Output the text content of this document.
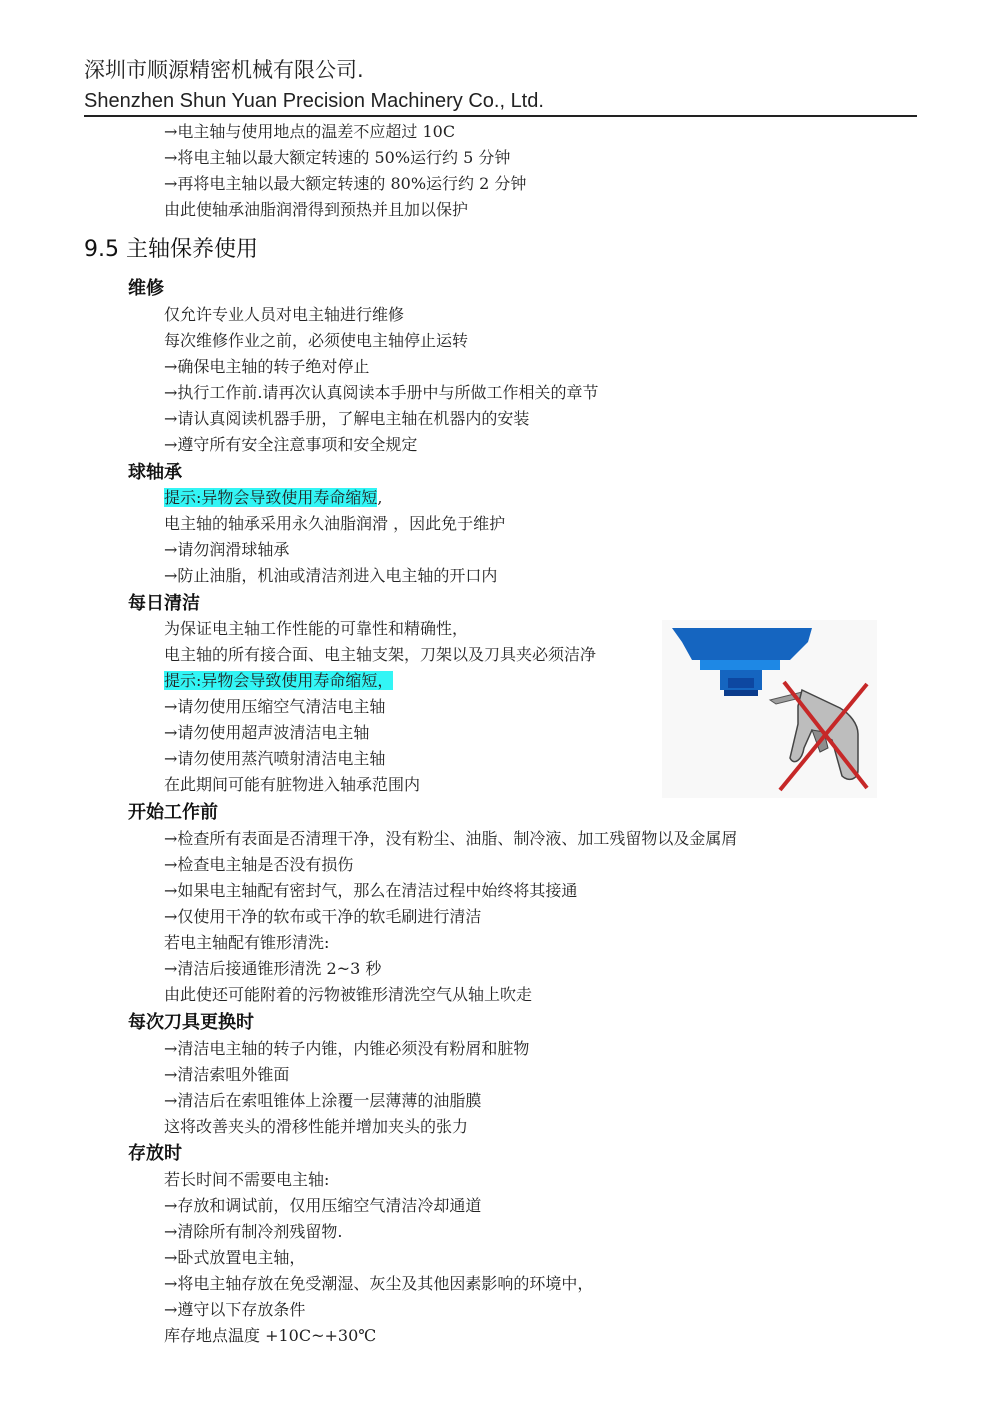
深圳市顺源精密机械有限公司.
Shenzhen Shun Yuan Precision Machinery Co., Ltd.
→电主轴与使用地点的温差不应超过 10C
→将电主轴以最大额定转速的 50%运行约 5 分钟
→再将电主轴以最大额定转速的 80%运行约 2 分钟
由此使轴承油脂润滑得到预热并且加以保护
9.5 主轴保养使用
维修
仅允许专业人员对电主轴进行维修
每次维修作业之前，必须使电主轴停止运转
→确保电主轴的转子绝对停止
→执行工作前.请再次认真阅读本手册中与所做工作相关的章节
→请认真阅读机器手册，了解电主轴在机器内的安装
→遵守所有安全注意事项和安全规定
球轴承
提示:异物会导致使用寿命缩短,
电主轴的轴承采用永久油脂润滑 ，因此免于维护
→请勿润滑球轴承
→防止油脂，机油或清洁剂进入电主轴的开口内
每日清洁
为保证电主轴工作性能的可靠性和精确性，
电主轴的所有接合面、电主轴支架，刀架以及刀具夹必须洁净
提示:异物会导致使用寿命缩短，
→请勿使用压缩空气清洁电主轴
→请勿使用超声波清洁电主轴
→请勿使用蒸汽喷射清洁电主轴
在此期间可能有脏物进入轴承范围内
开始工作前
→检查所有表面是否清理干净，没有粉尘、油脂、制冷液、加工残留物以及金属屑
→检查电主轴是否没有损伤
→如果电主轴配有密封气，那么在清洁过程中始终将其接通
→仅使用干净的软布或干净的软毛刷进行清洁
若电主轴配有锥形清洗:
→清洁后接通锥形清洗 2~3 秒
由此使还可能附着的污物被锥形清洗空气从轴上吹走
每次刀具更换时
→清洁电主轴的转子内锥，内锥必须没有粉屑和脏物
→清洁索咀外锥面
→清洁后在索咀锥体上涂覆一层薄薄的油脂膜
这将改善夹头的滑移性能并增加夹头的张力
存放时
若长时间不需要电主轴:
→存放和调试前，仅用压缩空气清洁冷却通道
→清除所有制冷剂残留物.
→卧式放置电主轴，
→将电主轴存放在免受潮湿、灰尘及其他因素影响的环境中，
→遵守以下存放条件
库存地点温度 +10C~+30℃
